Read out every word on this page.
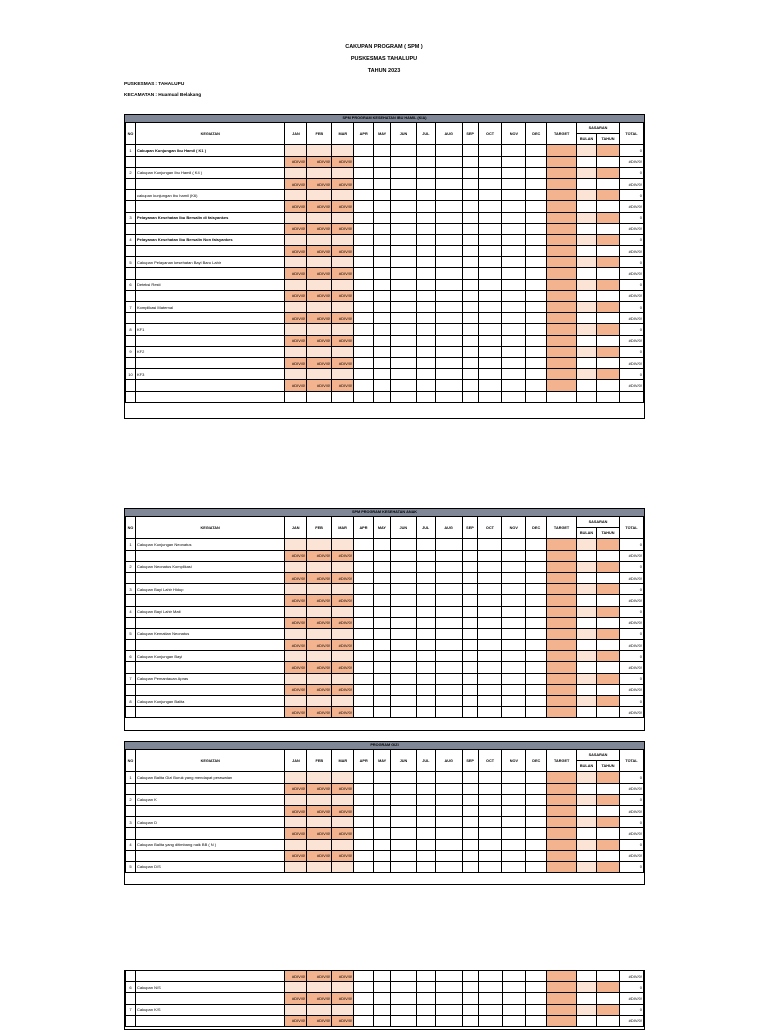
CAKUPAN PROGRAM ( SPM )
PUSKESMAS TAHALUPU
TAHUN 2023
PUSKESMAS : TAHALUPU
KECAMATAN : Huamual Belakang
SPM PROGRAM KESEHATAN IBU HAMIL (KIA)
NO	KEGIATAN	JAN	FEB	MAR	APR	MAY	JUN	JUL	AUG	SEP	OCT	NOV	DEC	TARGET	SASARAN		TOTAL
															BULAN	TAHUN	
1	Cakupan Kunjungan Ibu Hamil ( K1 )																0
		#DIV/0!	#DIV/0!	#DIV/0!													#DIV/0!
2	Cakupan Kunjungan Ibu Hamil ( K4 )																0
		#DIV/0!	#DIV/0!	#DIV/0!													#DIV/0!
	cakupan kunjungan ibu hamil (K6)																0
		#DIV/0!	#DIV/0!	#DIV/0!													#DIV/0!
3	Pelayanan Kesehatan Ibu Bersalin di faisyankes																0
		#DIV/0!	#DIV/0!	#DIV/0!													#DIV/0!
4	Pelayanan Kesehatan Ibu Bersalin Non faisyankes																0
		#DIV/0!	#DIV/0!	#DIV/0!													#DIV/0!
5	Cakupan Pelayanan kesehatan Bayi Baru Lahir																0
		#DIV/0!	#DIV/0!	#DIV/0!													#DIV/0!
6	Deteksi Resti																0
		#DIV/0!	#DIV/0!	#DIV/0!													#DIV/0!
7	Komplikasi Maternal																0
		#DIV/0!	#DIV/0!	#DIV/0!													#DIV/0!
8	KF1																0
		#DIV/0!	#DIV/0!	#DIV/0!													#DIV/0!
9	KF2																0
		#DIV/0!	#DIV/0!	#DIV/0!													#DIV/0!
10	KF3																0
		#DIV/0!	#DIV/0!	#DIV/0!													#DIV/0!

SPM PROGRAM KESEHATAN ANAK
NO	KEGIATAN	JAN	FEB	MAR	APR	MAY	JUN	JUL	AUG	SEP	OCT	NOV	DEC	TARGET	SASARAN		TOTAL
															BULAN	TAHUN	
1	Cakupan Kunjungan Neonatus																0
		#DIV/0!	#DIV/0!	#DIV/0!													#DIV/0!
2	Cakupan Neonatus Komplikasi																0
		#DIV/0!	#DIV/0!	#DIV/0!													#DIV/0!
3	Cakupan Bayi Lahir Hidup																0
		#DIV/0!	#DIV/0!	#DIV/0!													#DIV/0!
4	Cakupan Bayi Lahir Mati																0
		#DIV/0!	#DIV/0!	#DIV/0!													#DIV/0!
5	Cakupan Kematian Neonatus																0
		#DIV/0!	#DIV/0!	#DIV/0!													#DIV/0!
6	Cakupan Kunjungan Bayi																0
		#DIV/0!	#DIV/0!	#DIV/0!													#DIV/0!
7	Cakupan Pemantauan Apras																0
		#DIV/0!	#DIV/0!	#DIV/0!													#DIV/0!
8	Cakupan Kunjungan Balita																0
		#DIV/0!	#DIV/0!	#DIV/0!													#DIV/0!
PROGRAM GIZI
NO	KEGIATAN	JAN	FEB	MAR	APR	MAY	JUN	JUL	AUG	SEP	OCT	NOV	DEC	TARGET	SASARAN		TOTAL
															BULAN	TAHUN	
1	Cakupan Balita Gizi Buruk yang mendapat perawatan																0
		#DIV/0!	#DIV/0!	#DIV/0!													#DIV/0!
2	Cakupan K																0
		#DIV/0!	#DIV/0!	#DIV/0!													#DIV/0!
3	Cakupan D																0
		#DIV/0!	#DIV/0!	#DIV/0!													#DIV/0!
4	Cakupan Balita yang ditimbang naik BB ( N )																0
		#DIV/0!	#DIV/0!	#DIV/0!													#DIV/0!
5	Cakupan D/S																0
		#DIV/0!	#DIV/0!	#DIV/0!													#DIV/0!
6	Cakupan N/S																0
		#DIV/0!	#DIV/0!	#DIV/0!													#DIV/0!
7	Cakupan K/S																0
		#DIV/0!	#DIV/0!	#DIV/0!													#DIV/0!
